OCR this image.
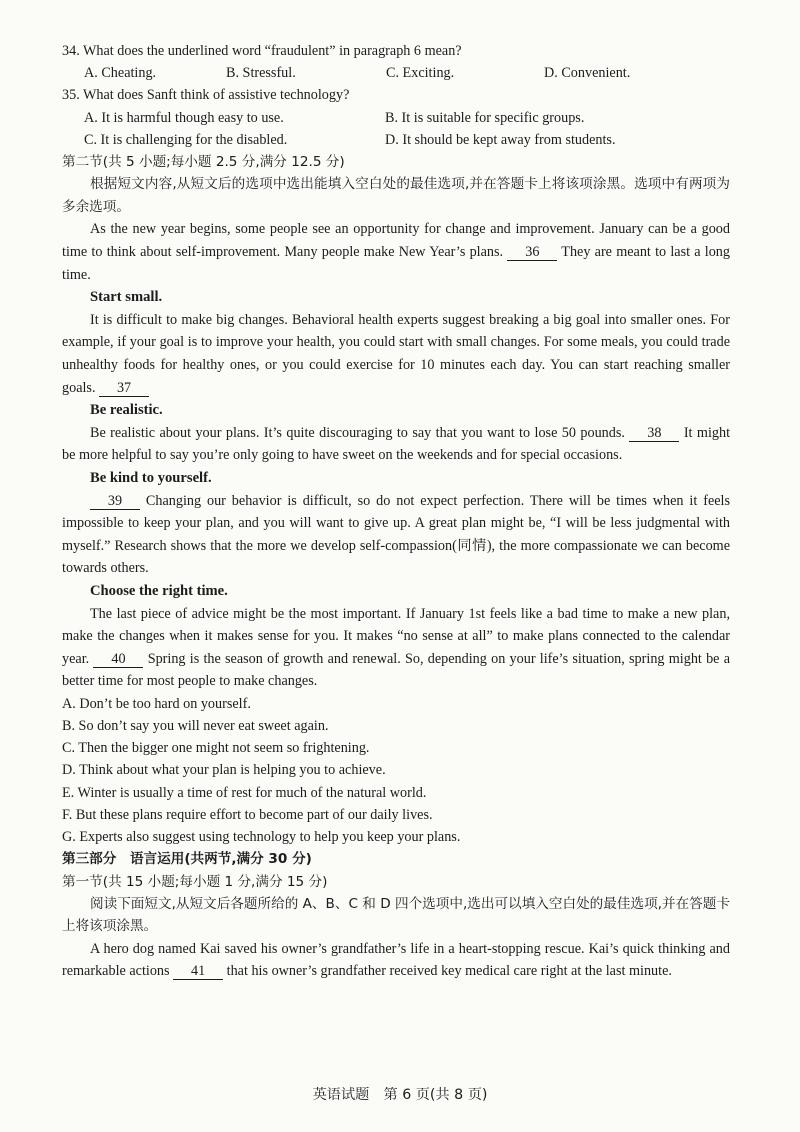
34. What does the underlined word “fraudulent” in paragraph 6 mean?
A. Cheating.	B. Stressful.	C. Exciting.	D. Convenient.
35. What does Sanft think of assistive technology?
A. It is harmful though easy to use.	B. It is suitable for specific groups.
C. It is challenging for the disabled.	D. It should be kept away from students.
第二节(共 5 小题;每小题 2.5 分,满分 12.5 分)

根据短文内容,从短文后的选项中选出能填入空白处的最佳选项,并在答题卡上将该项涂黑。选项中有两项为多余选项。

As the new year begins, some people see an opportunity for change and improvement. January can be a good time to think about self-improvement. Many people make New Year’s plans. 36 They are meant to last a long time.

Start small.

It is difficult to make big changes. Behavioral health experts suggest breaking a big goal into smaller ones. For example, if your goal is to improve your health, you could start with small changes. For some meals, you could trade unhealthy foods for healthy ones, or you could exercise for 10 minutes each day. You can start reaching smaller goals. 37

Be realistic.

Be realistic about your plans. It’s quite discouraging to say that you want to lose 50 pounds. 38 It might be more helpful to say you’re only going to have sweet on the weekends and for special occasions.

Be kind to yourself.

39 Changing our behavior is difficult, so do not expect perfection. There will be times when it feels impossible to keep your plan, and you will want to give up. A great plan might be, “I will be less judgmental with myself.” Research shows that the more we develop self-compassion(同情), the more compassionate we can become towards others.

Choose the right time.

The last piece of advice might be the most important. If January 1st feels like a bad time to make a new plan, make the changes when it makes sense for you. It makes “no sense at all” to make plans connected to the calendar year. 40 Spring is the season of growth and renewal. So, depending on your life’s situation, spring might be a better time for most people to make changes.

A. Don’t be too hard on yourself.
B. So don’t say you will never eat sweet again.
C. Then the bigger one might not seem so frightening.
D. Think about what your plan is helping you to achieve.
E. Winter is usually a time of rest for much of the natural world.
F. But these plans require effort to become part of our daily lives.
G. Experts also suggest using technology to help you keep your plans.
第三部分　语言运用(共两节,满分 30 分)
第一节(共 15 小题;每小题 1 分,满分 15 分)

阅读下面短文,从短文后各题所给的 A、B、C 和 D 四个选项中,选出可以填入空白处的最佳选项,并在答题卡上将该项涂黑。

A hero dog named Kai saved his owner’s grandfather’s life in a heart-stopping rescue. Kai’s quick thinking and remarkable actions 41 that his owner’s grandfather received key medical care right at the last minute.

英语试题　第 6 页(共 8 页)
